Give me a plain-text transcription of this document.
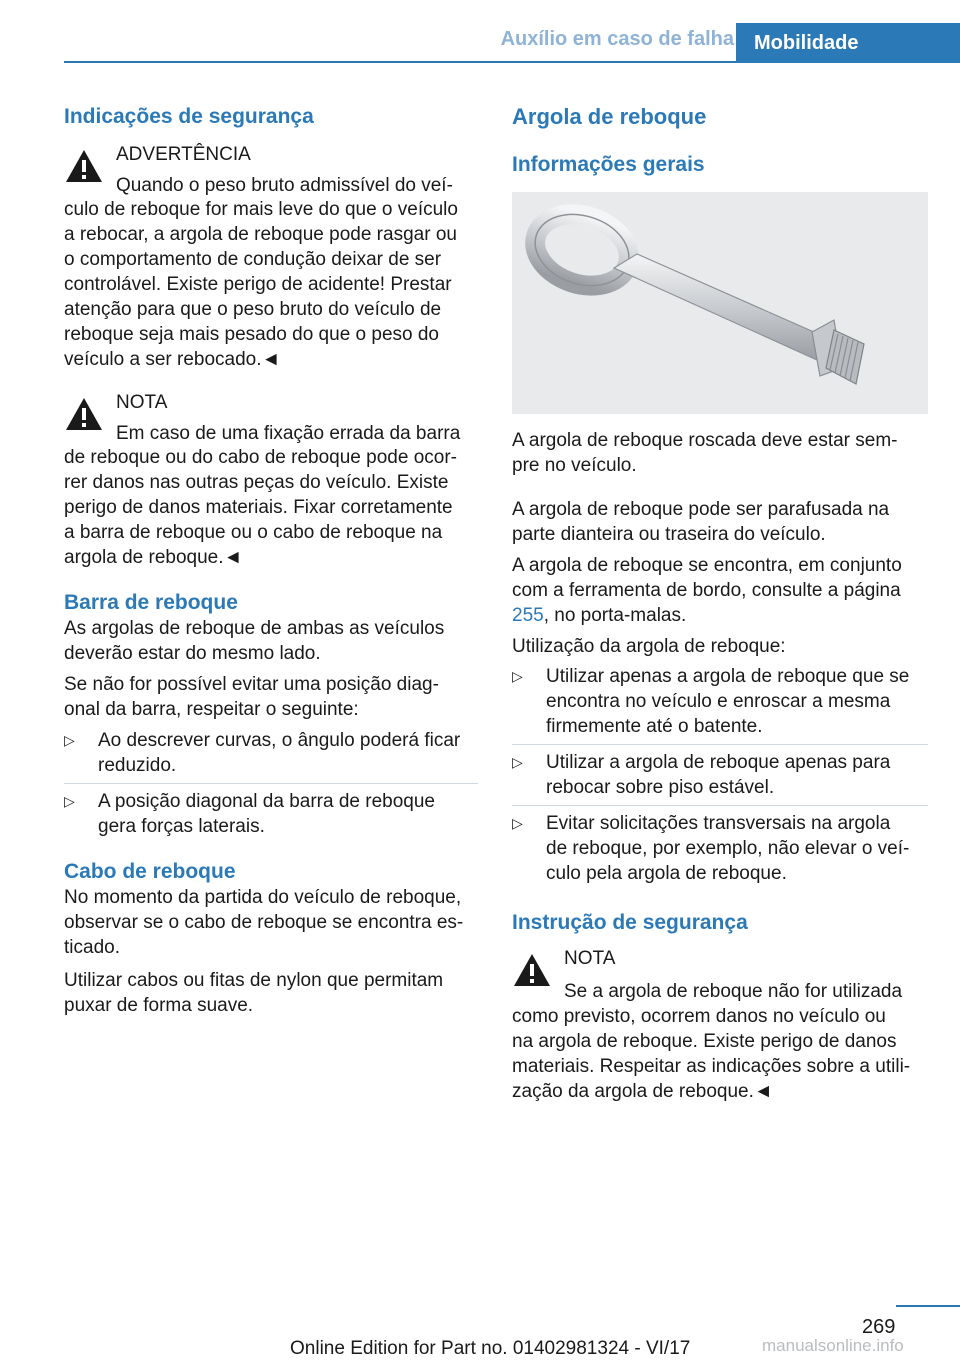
Auxílio em caso de falha	Mobilidade
Indicações de segurança
ADVERTÊNCIA
Quando o peso bruto admissível do veí‐
culo de reboque for mais leve do que o veículo
a rebocar, a argola de reboque pode rasgar ou
o comportamento de condução deixar de ser
controlável. Existe perigo de acidente! Prestar
atenção para que o peso bruto do veículo de
reboque seja mais pesado do que o peso do
veículo a ser rebocado.◄
NOTA
Em caso de uma fixação errada da barra
de reboque ou do cabo de reboque pode ocor‐
rer danos nas outras peças do veículo. Existe
perigo de danos materiais. Fixar corretamente
a barra de reboque ou o cabo de reboque na
argola de reboque.◄
Barra de reboque
As argolas de reboque de ambas as veículos
deverão estar do mesmo lado.
Se não for possível evitar uma posição diag‐
onal da barra, respeitar o seguinte:
▷ Ao descrever curvas, o ângulo poderá ficar
reduzido.
▷ A posição diagonal da barra de reboque
gera forças laterais.
Cabo de reboque
No momento da partida do veículo de reboque,
observar se o cabo de reboque se encontra es‐
ticado.
Utilizar cabos ou fitas de nylon que permitam
puxar de forma suave.
Argola de reboque
Informações gerais
A argola de reboque roscada deve estar sem‐
pre no veículo.
A argola de reboque pode ser parafusada na
parte dianteira ou traseira do veículo.
A argola de reboque se encontra, em conjunto
com a ferramenta de bordo, consulte a página
255, no porta-malas.
Utilização da argola de reboque:
▷ Utilizar apenas a argola de reboque que se
encontra no veículo e enroscar a mesma
firmemente até o batente.
▷ Utilizar a argola de reboque apenas para
rebocar sobre piso estável.
▷ Evitar solicitações transversais na argola
de reboque, por exemplo, não elevar o veí‐
culo pela argola de reboque.
Instrução de segurança
NOTA
Se a argola de reboque não for utilizada
como previsto, ocorrem danos no veículo ou
na argola de reboque. Existe perigo de danos
materiais. Respeitar as indicações sobre a utili‐
zação da argola de reboque.◄
269
Online Edition for Part no. 01402981324 - VI/17	manualsonline.info
